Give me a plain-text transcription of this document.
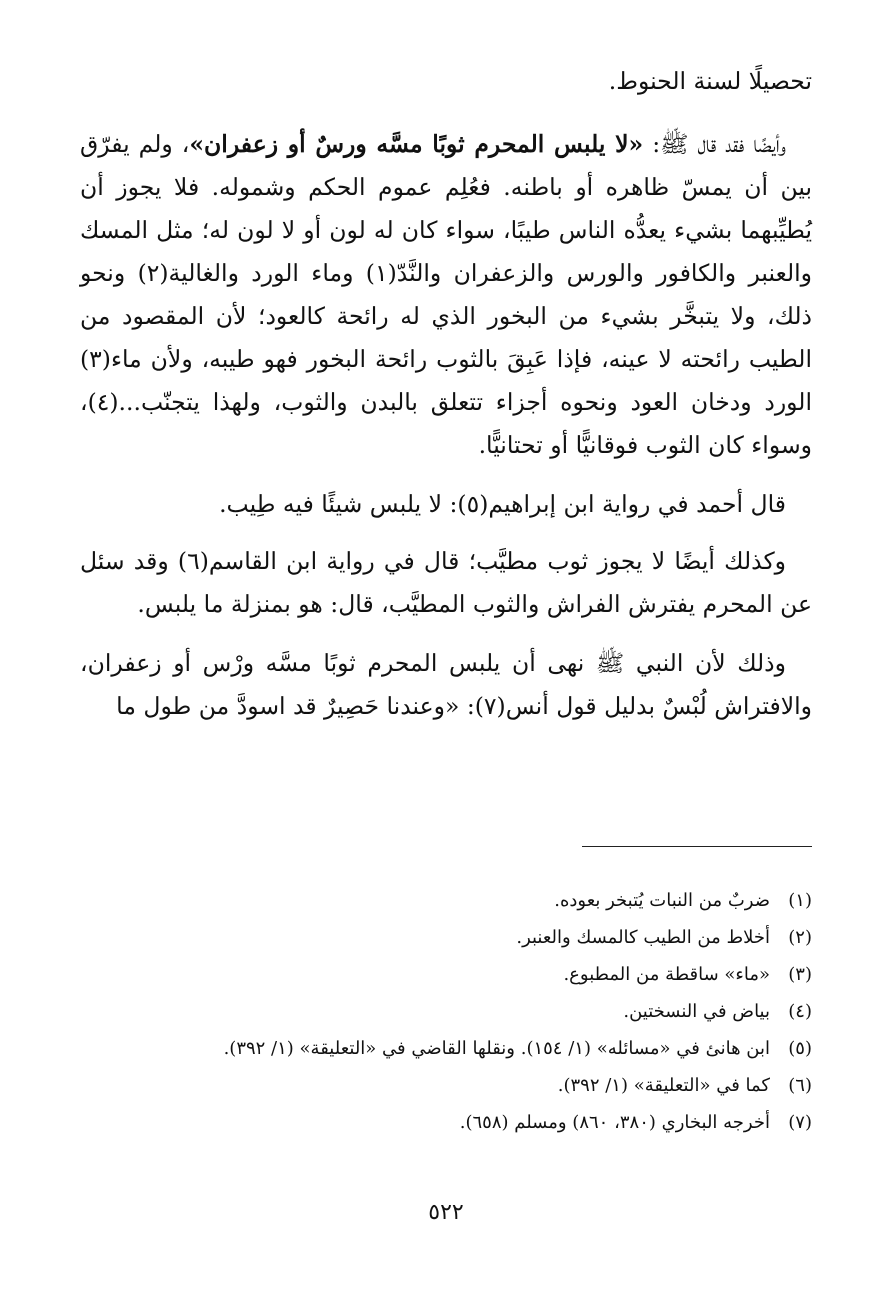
تحصيلًا لسنة الحنوط.

وأيضًا فقد قال ﷺ: «لا يلبس المحرم ثوبًا مسَّه ورسٌ أو زعفران»، ولم يفرّق بين أن يمسّ ظاهره أو باطنه. فعُلِم عموم الحكم وشموله. فلا يجوز أن يُطيِّبهما بشيء يعدُّه الناس طيبًا، سواء كان له لون أو لا لون له؛ مثل المسك والعنبر والكافور والورس والزعفران والنَّدّ(١) وماء الورد والغالية(٢) ونحو ذلك، ولا يتبخَّر بشيء من البخور الذي له رائحة كالعود؛ لأن المقصود من الطيب رائحته لا عينه، فإذا عَبِقَ بالثوب رائحة البخور فهو طيبه، ولأن ماء(٣) الورد ودخان العود ونحوه أجزاء تتعلق بالبدن والثوب، ولهذا يتجنّب...(٤)، وسواء كان الثوب فوقانيًّا أو تحتانيًّا.

قال أحمد في رواية ابن إبراهيم(٥): لا يلبس شيئًا فيه طِيب.

وكذلك أيضًا لا يجوز ثوب مطيَّب؛ قال في رواية ابن القاسم(٦) وقد سئل عن المحرم يفترش الفراش والثوب المطيَّب، قال: هو بمنزلة ما يلبس.

وذلك لأن النبي ﷺ نهى أن يلبس المحرم ثوبًا مسَّه ورْس أو زعفران، والافتراش لُبْسٌ بدليل قول أنس(٧): «وعندنا حَصِيرٌ قد اسودَّ من طول ما

(١)
ضربٌ من النبات يُتبخر بعوده.
(٢)
أخلاط من الطيب كالمسك والعنبر.
(٣)
«ماء» ساقطة من المطبوع.
(٤)
بياض في النسختين.
(٥)
ابن هانئ في «مسائله» (١/ ١٥٤). ونقلها القاضي في «التعليقة» (١/ ٣٩٢).
(٦)
كما في «التعليقة» (١/ ٣٩٢).
(٧)
أخرجه البخاري (٣٨٠، ٨٦٠) ومسلم (٦٥٨).
٥٢٢
